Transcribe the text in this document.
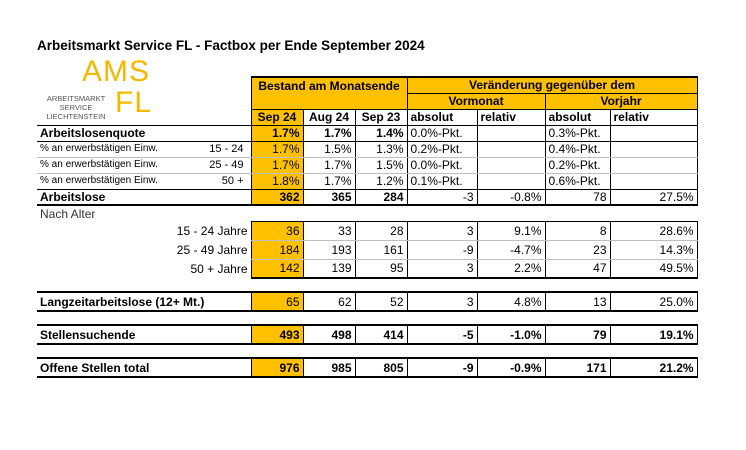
Arbeitsmarkt Service FL - Factbox per Ende September 2024
AMS
FL
ARBEITSMARKT
SERVICE
LIECHTENSTEIN
	Bestand am Monatsende			Veränderung gegenüber dem			
				Vormonat		Vorjahr	
	Sep 24	Aug 24	Sep 23	absolut	relativ	absolut	relativ
Arbeitslosenquote	1.7%	1.7%	1.4%	0.0%-Pkt.		0.3%-Pkt.	

% an erwerbstätigen Einw. 15 - 24	1.7%	1.5%	1.3%	0.2%-Pkt.		0.4%-Pkt.	

% an erwerbstätigen Einw. 25 - 49	1.7%	1.7%	1.5%	0.0%-Pkt.		0.2%-Pkt.	

% an erwerbstätigen Einw. 50 +	1.8%	1.7%	1.2%	0.1%-Pkt.		0.6%-Pkt.	
Arbeitslose	362	365	284	-3	-0.8%	78	27.5%
Nach Alter							
15 - 24 Jahre	36	33	28	3	9.1%	8	28.6%
25 - 49 Jahre	184	193	161	-9	-4.7%	23	14.3%
50 + Jahre	142	139	95	3	2.2%	47	49.5%

Langzeitarbeitslose (12+ Mt.)	65	62	52	3	4.8%	13	25.0%

Stellensuchende	493	498	414	-5	-1.0%	79	19.1%

Offene Stellen total	976	985	805	-9	-0.9%	171	21.2%
